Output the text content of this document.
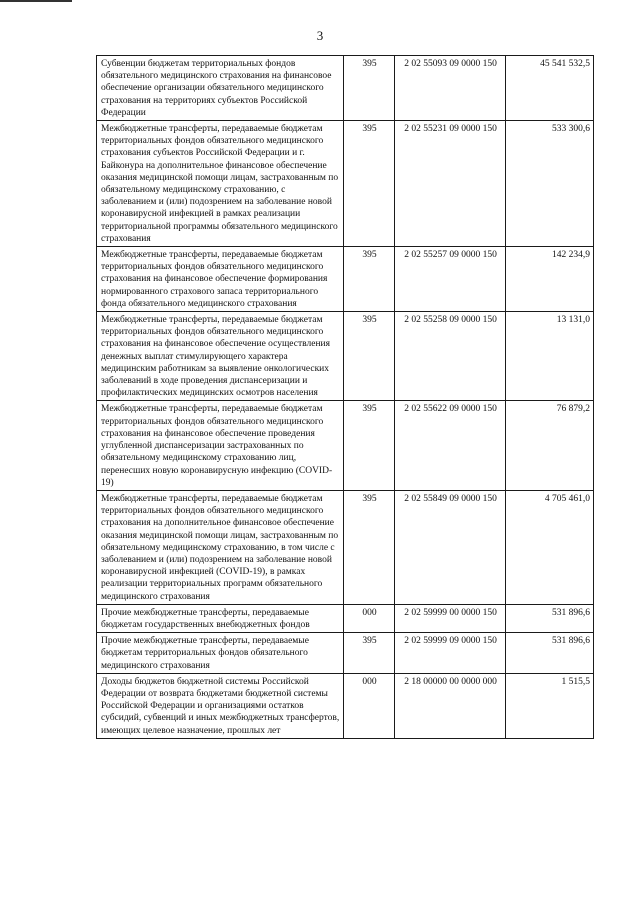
3
Субвенции бюджетам территориальных фондов обязательного медицинского страхования на финансовое обеспечение организации обязательного медицинского страхования на территориях субъектов Российской Федерации	395	2 02 55093 09 0000 150	45 541 532,5
Межбюджетные трансферты, передаваемые бюджетам территориальных фондов обязательного медицинского страхования субъектов Российской Федерации и г. Байконура на дополнительное финансовое обеспечение оказания медицинской помощи лицам, застрахованным по обязательному медицинскому страхованию, с заболеванием и (или) подозрением на заболевание новой коронавирусной инфекцией в рамках реализации территориальной программы обязательного медицинского страхования	395	2 02 55231 09 0000 150	533 300,6
Межбюджетные трансферты, передаваемые бюджетам территориальных фондов обязательного медицинского страхования на финансовое обеспечение формирования нормированного страхового запаса территориального фонда обязательного медицинского страхования	395	2 02 55257 09 0000 150	142 234,9
Межбюджетные трансферты, передаваемые бюджетам территориальных фондов обязательного медицинского страхования на финансовое обеспечение осуществления денежных выплат стимулирующего характера медицинским работникам за выявление онкологических заболеваний в ходе проведения диспансеризации и профилактических медицинских осмотров населения	395	2 02 55258 09 0000 150	13 131,0
Межбюджетные трансферты, передаваемые бюджетам территориальных фондов обязательного медицинского страхования на финансовое обеспечение проведения углубленной диспансеризации застрахованных по обязательному медицинскому страхованию лиц, перенесших новую коронавирусную инфекцию (COVID-19)	395	2 02 55622 09 0000 150	76 879,2
Межбюджетные трансферты, передаваемые бюджетам территориальных фондов обязательного медицинского страхования на дополнительное финансовое обеспечение оказания медицинской помощи лицам, застрахованным по обязательному медицинскому страхованию, в том числе с заболеванием и (или) подозрением на заболевание новой коронавирусной инфекцией (COVID-19), в рамках реализации территориальных программ обязательного медицинского страхования	395	2 02 55849 09 0000 150	4 705 461,0
Прочие межбюджетные трансферты, передаваемые бюджетам государственных внебюджетных фондов	000	2 02 59999 00 0000 150	531 896,6
Прочие межбюджетные трансферты, передаваемые бюджетам территориальных фондов обязательного медицинского страхования	395	2 02 59999 09 0000 150	531 896,6
Доходы бюджетов бюджетной системы Российской Федерации от возврата бюджетами бюджетной системы Российской Федерации и организациями остатков субсидий, субвенций и иных межбюджетных трансфертов, имеющих целевое назначение, прошлых лет	000	2 18 00000 00 0000 000	1 515,5
